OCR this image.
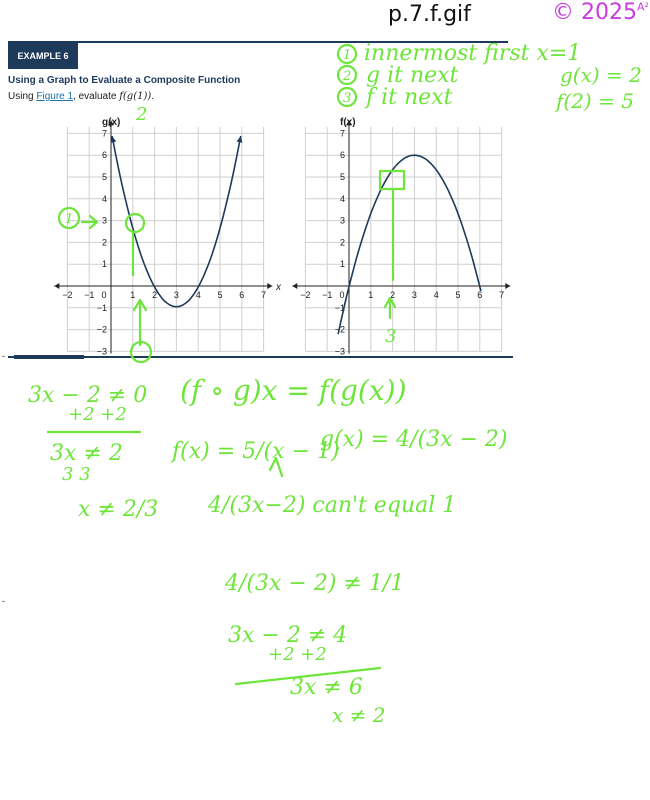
p.7.f.gif	© $2025^{A^2}$
EXAMPLE 6
Using a Graph to Evaluate a Composite Function
Using Figure 1, evaluate f(g(1)).
−2 −1 0	1 2 3 4 5 6 7
7
6
5
4
3
2
1
−1
−2
−3
−2 −1 0	1 2 3 4 5 6 7
7
6
5
4
3
2
1
−1
−2
−3
g(x)
x
f(x)
-
-
1 innermost first x=1
2 g it next
3 f it next
g(x) = 2
f(2) = 5
2
1
3
3x − 2 ≠ 0
+2 +2
3x ≠ 2
3 3
x ≠ 2/3
(f ∘ g)x = f(g(x))
f(x) = 5/(x − 1)
g(x) = 4/(3x − 2)
4/(3x−2) can't equal 1
4/(3x − 2) ≠ 1/1
3x − 2 ≠ 4
+2 +2
3x ≠ 6
x ≠ 2
